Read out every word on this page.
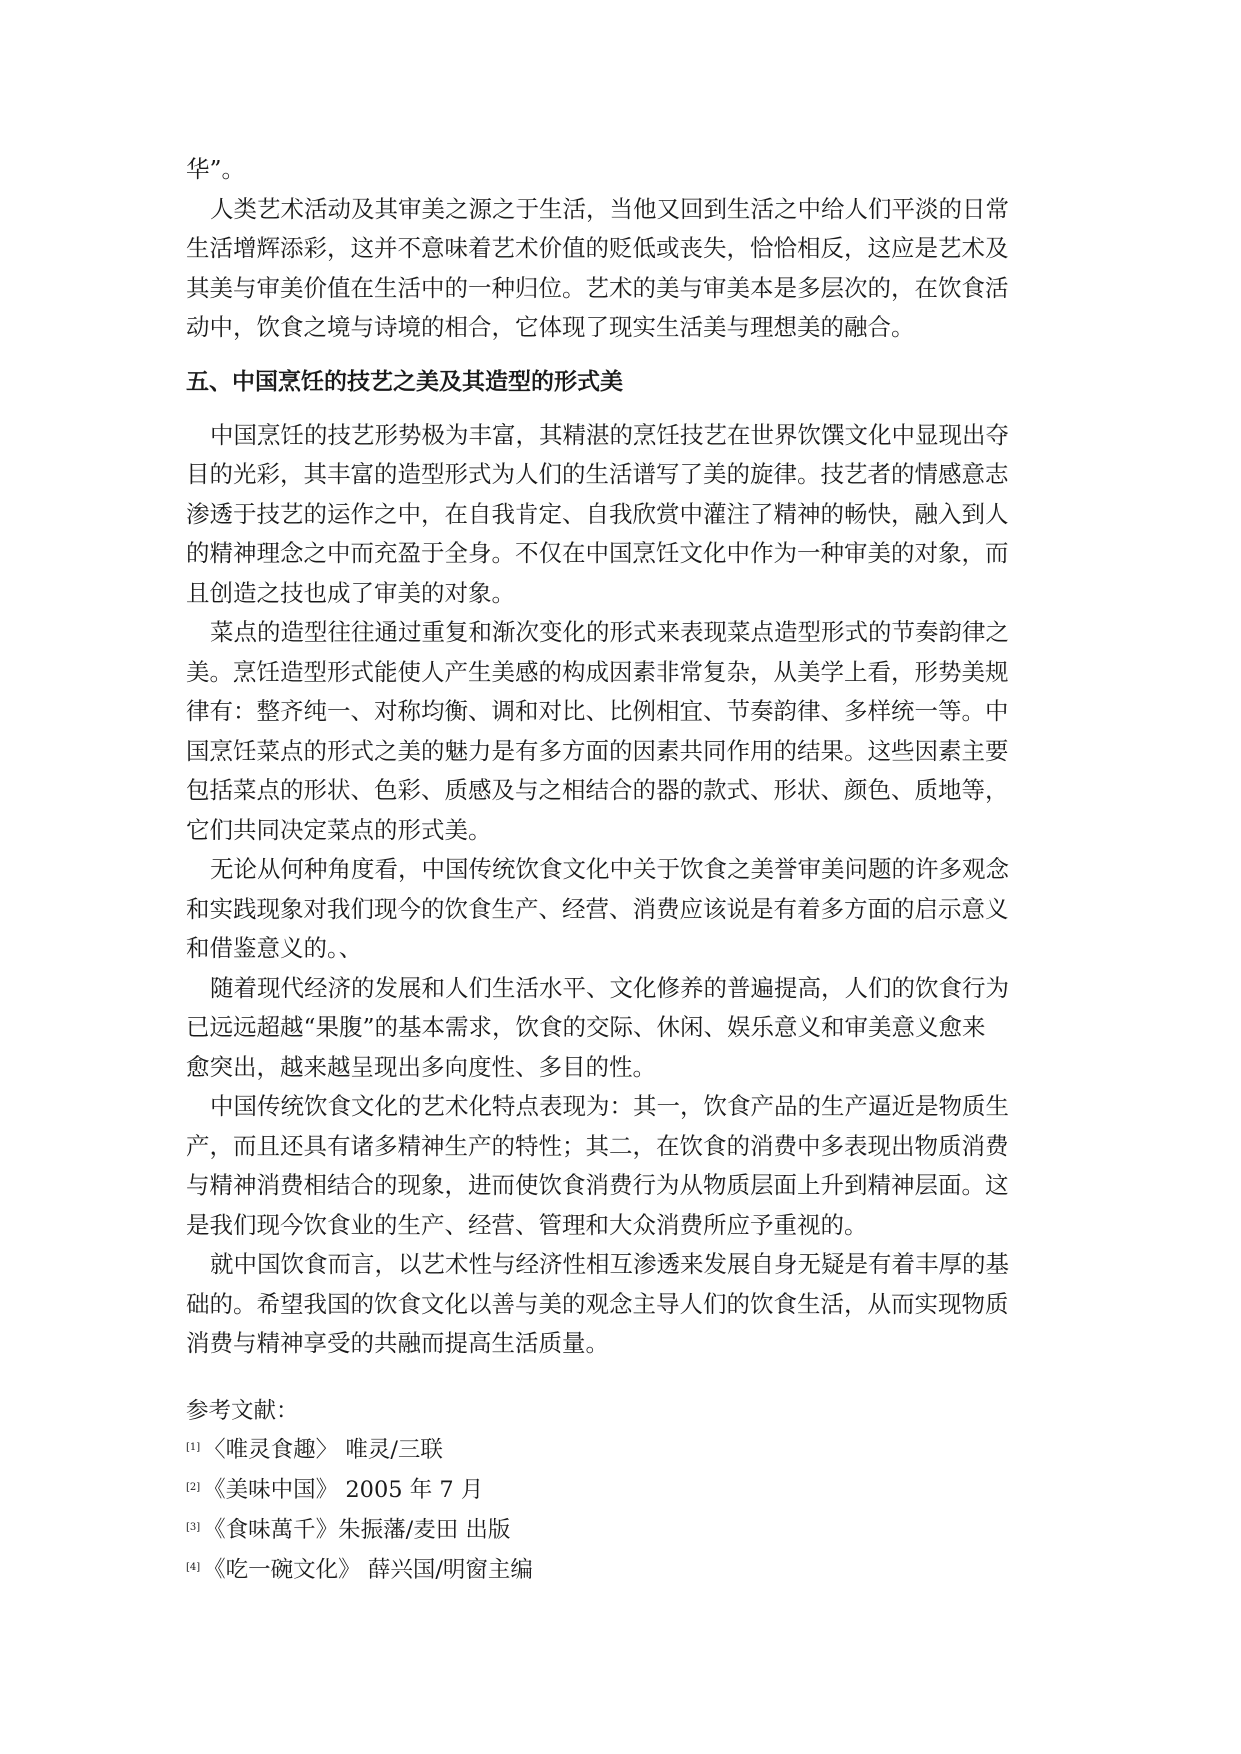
华”。
人类艺术活动及其审美之源之于生活，当他又回到生活之中给人们平淡的日常
生活增辉添彩，这并不意味着艺术价值的贬低或丧失，恰恰相反，这应是艺术及
其美与审美价值在生活中的一种归位。艺术的美与审美本是多层次的，在饮食活
动中，饮食之境与诗境的相合，它体现了现实生活美与理想美的融合。
五、中国烹饪的技艺之美及其造型的形式美
中国烹饪的技艺形势极为丰富，其精湛的烹饪技艺在世界饮馔文化中显现出夺
目的光彩，其丰富的造型形式为人们的生活谱写了美的旋律。技艺者的情感意志
渗透于技艺的运作之中，在自我肯定、自我欣赏中灌注了精神的畅快，融入到人
的精神理念之中而充盈于全身。不仅在中国烹饪文化中作为一种审美的对象，而
且创造之技也成了审美的对象。
菜点的造型往往通过重复和渐次变化的形式来表现菜点造型形式的节奏韵律之
美。烹饪造型形式能使人产生美感的构成因素非常复杂，从美学上看，形势美规
律有：整齐纯一、对称均衡、调和对比、比例相宜、节奏韵律、多样统一等。中
国烹饪菜点的形式之美的魅力是有多方面的因素共同作用的结果。这些因素主要
包括菜点的形状、色彩、质感及与之相结合的器的款式、形状、颜色、质地等，
它们共同决定菜点的形式美。
无论从何种角度看，中国传统饮食文化中关于饮食之美誉审美问题的许多观念
和实践现象对我们现今的饮食生产、经营、消费应该说是有着多方面的启示意义
和借鉴意义的。、
随着现代经济的发展和人们生活水平、文化修养的普遍提高，人们的饮食行为
已远远超越“果腹”的基本需求，饮食的交际、休闲、娱乐意义和审美意义愈来
愈突出，越来越呈现出多向度性、多目的性。
中国传统饮食文化的艺术化特点表现为：其一，饮食产品的生产逼近是物质生
产，而且还具有诸多精神生产的特性；其二，在饮食的消费中多表现出物质消费
与精神消费相结合的现象，进而使饮食消费行为从物质层面上升到精神层面。这
是我们现今饮食业的生产、经营、管理和大众消费所应予重视的。
就中国饮食而言，以艺术性与经济性相互渗透来发展自身无疑是有着丰厚的基
础的。希望我国的饮食文化以善与美的观念主导人们的饮食生活，从而实现物质
消费与精神享受的共融而提高生活质量。
参考文献：
[1] 〈唯灵食趣〉 唯灵/三联
[2] 《美味中国》 2005 年 7 月
[3] 《食味萬千》朱振藩/麦田 出版
[4] 《吃一碗文化》 薛兴国/明窗主编
